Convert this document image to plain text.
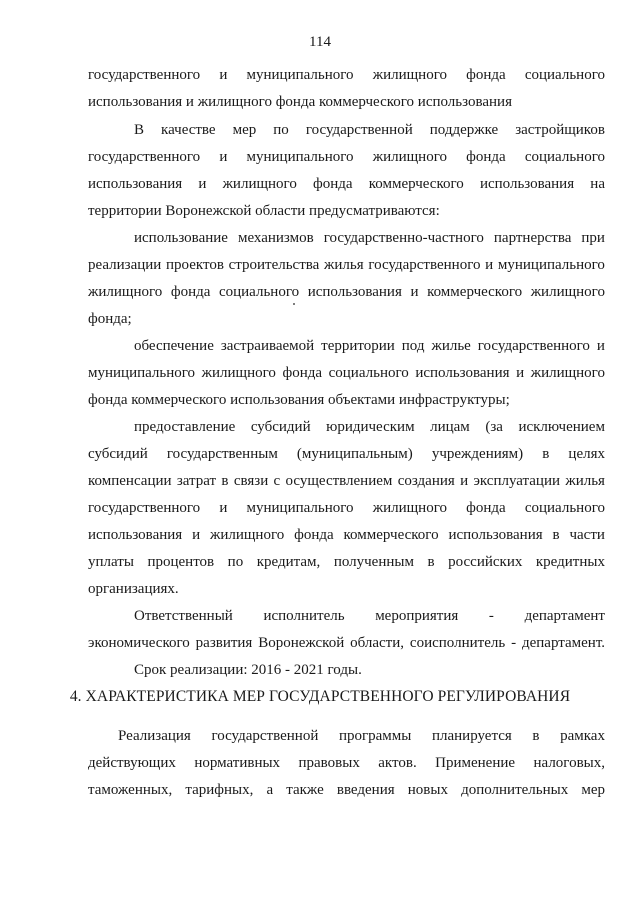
114
государственного и муниципального жилищного фонда социального
использования и жилищного фонда коммерческого использования
В качестве мер по государственной поддержке застройщиков
государственного и муниципального жилищного фонда социального
использования и жилищного фонда коммерческого использования на
территории Воронежской области предусматриваются:
использование механизмов государственно-частного партнерства при
реализации проектов строительства жилья государственного и муниципального
жилищного фонда социального использования и коммерческого жилищного
фонда;
обеспечение застраиваемой территории под жилье государственного и
муниципального жилищного фонда социального использования и жилищного
фонда коммерческого использования объектами инфраструктуры;
предоставление субсидий юридическим лицам (за исключением
субсидий государственным (муниципальным) учреждениям) в целях
компенсации затрат в связи с осуществлением создания и эксплуатации жилья
государственного и муниципального жилищного фонда социального
использования и жилищного фонда коммерческого использования в части
уплаты процентов по кредитам, полученным в российских кредитных
организациях.
Ответственный исполнитель мероприятия - департамент
экономического развития Воронежской области, соисполнитель - департамент.
Срок реализации: 2016 - 2021 годы.
4. ХАРАКТЕРИСТИКА МЕР ГОСУДАРСТВЕННОГО РЕГУЛИРОВАНИЯ
Реализация государственной программы планируется в рамках
действующих нормативных правовых актов. Применение налоговых,
таможенных, тарифных, а также введения новых дополнительных мер
